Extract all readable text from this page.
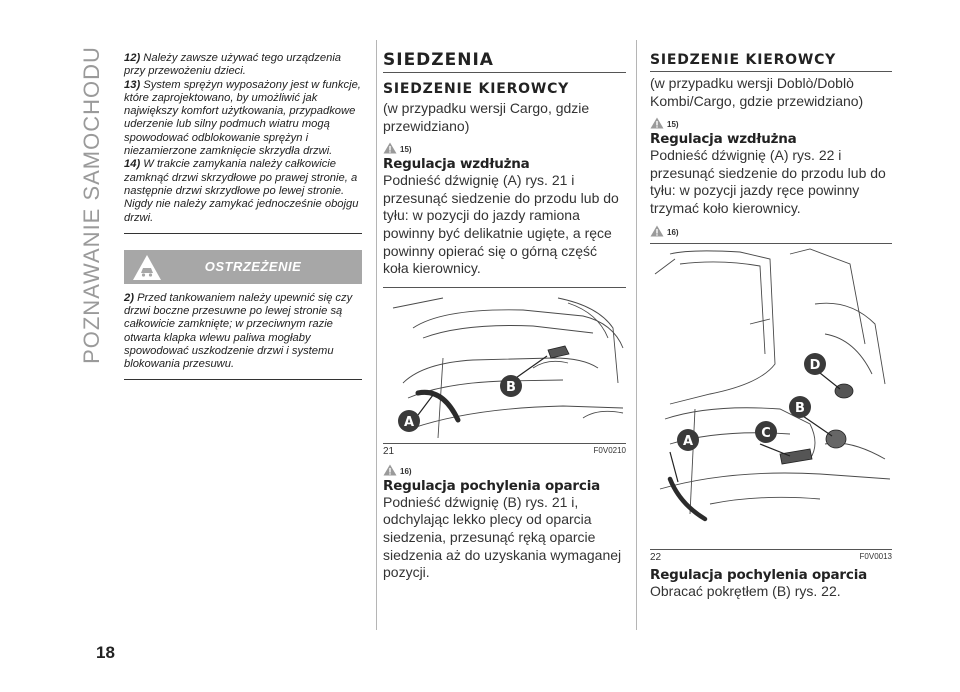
POZNAWANIE SAMOCHODU
18

12) Należy zawsze używać tego urządzenia przy przewożeniu dzieci.

13) System sprężyn wyposażony jest w funkcje, które zaprojektowano, by umożliwić jak największy komfort użytkowania, przypadkowe uderzenie lub silny podmuch wiatru mogą spowodować odblokowanie sprężyn i niezamierzone zamknięcie skrzydła drzwi.

14) W trakcie zamykania należy całkowicie zamknąć drzwi skrzydłowe po prawej stronie, a następnie drzwi skrzydłowe po lewej stronie. Nigdy nie należy zamykać jednocześnie obojgu drzwi.

OSTRZEŻENIE

2) Przed tankowaniem należy upewnić się czy drzwi boczne przesuwne po lewej stronie są całkowicie zamknięte; w przeciwnym razie otwarta klapka wlewu paliwa mogłaby spowodować uszkodzenie drzwi i systemu blokowania przesuwu.

SIEDZENIA
SIEDZENIE KIEROWCY

(w przypadku wersji Cargo, gdzie przewidziano)

15)
Regulacja wzdłużna

Podnieść dźwignię (A) rys. 21 i przesunąć siedzenie do przodu lub do tyłu: w pozycji do jazdy ramiona powinny być delikatnie ugięte, a ręce powinny opierać się o górną część koła kierownicy.

A
B
21	F0V0210
16)
Regulacja pochylenia oparcia

Podnieść dźwignię (B) rys. 21 i, odchylając lekko plecy od oparcia siedzenia, przesunąć ręką oparcie siedzenia aż do uzyskania wymaganej pozycji.

SIEDZENIE KIEROWCY

(w przypadku wersji Doblò/Doblò Kombi/Cargo, gdzie przewidziano)

15)
Regulacja wzdłużna

Podnieść dźwignię (A) rys. 22 i przesunąć siedzenie do przodu lub do tyłu: w pozycji jazdy ręce powinny trzymać koło kierownicy.

16)
D
B
C
A
22	F0V0013
Regulacja pochylenia oparcia

Obracać pokrętłem (B) rys. 22.
